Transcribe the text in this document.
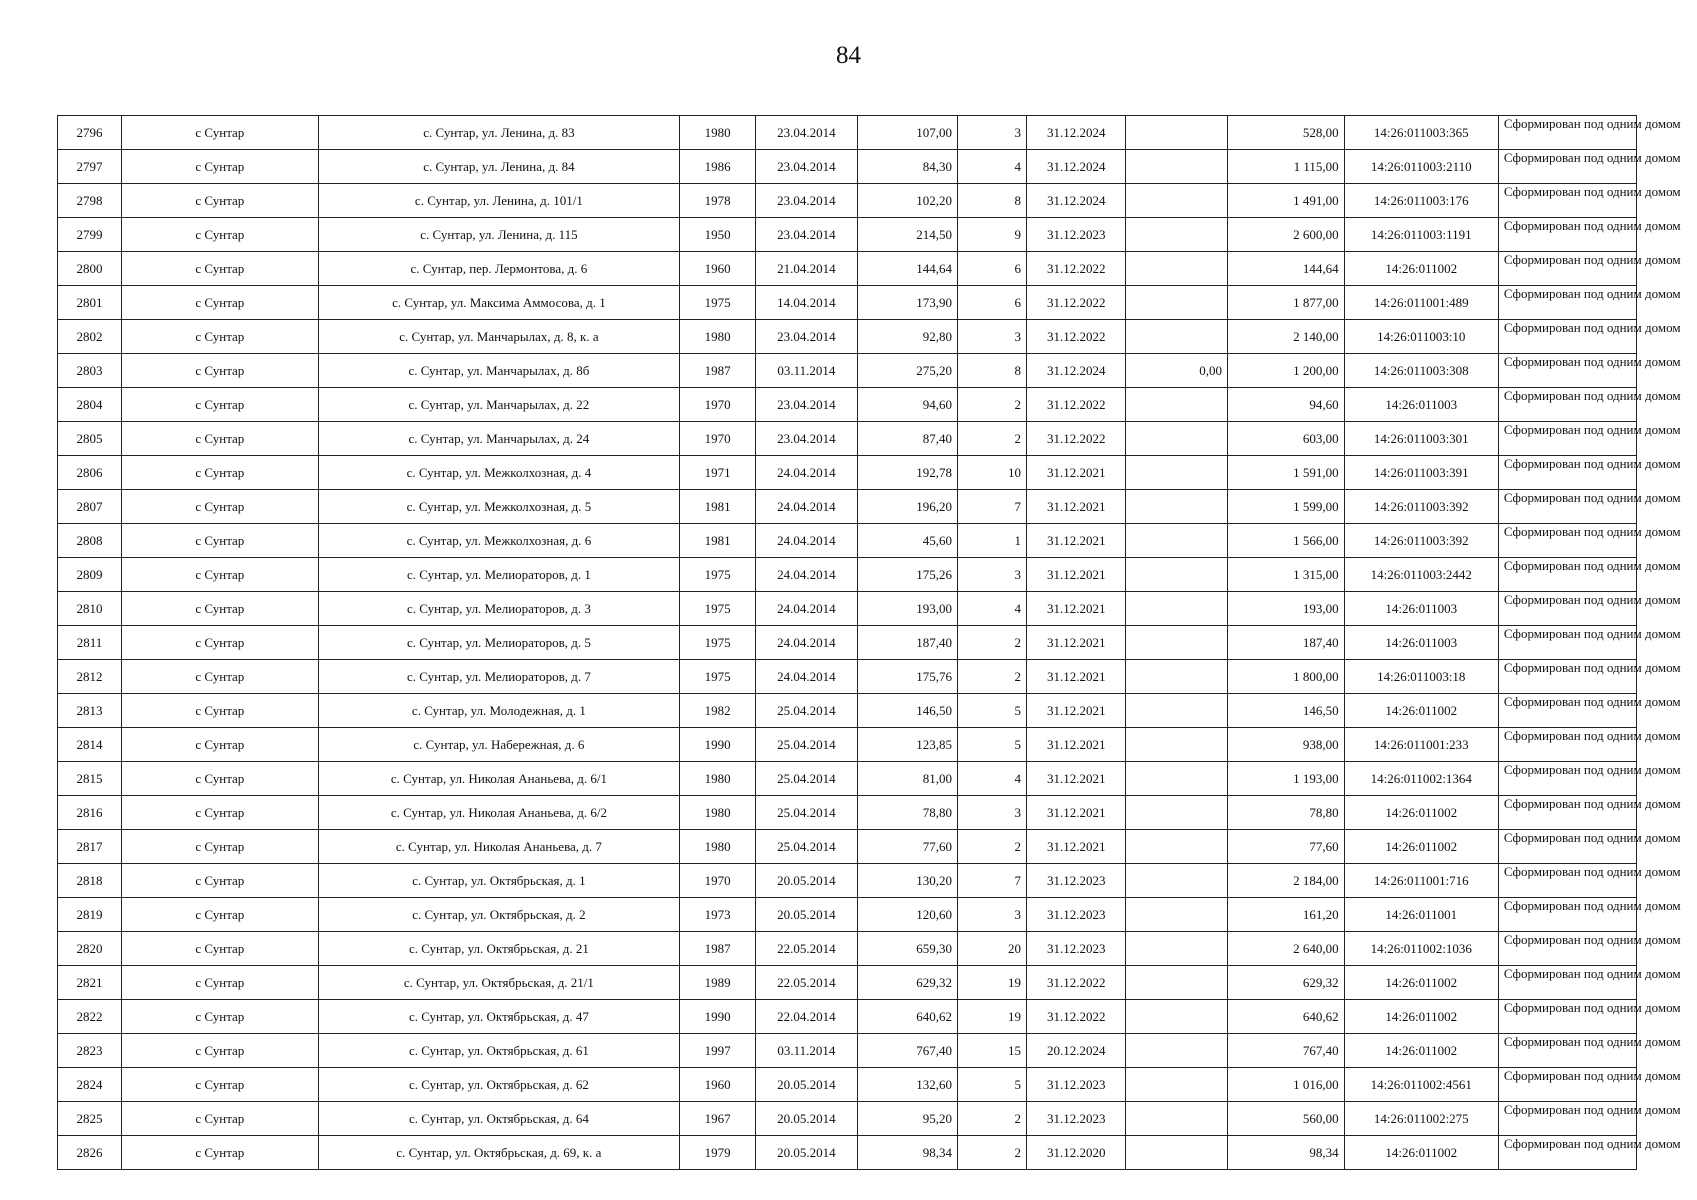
84
2796	с Сунтар	с. Сунтар, ул. Ленина, д. 83	1980	23.04.2014	107,00	3	31.12.2024		528,00	14:26:011003:365	Сформирован под одним домом

2797	с Сунтар	с. Сунтар, ул. Ленина, д. 84	1986	23.04.2014	84,30	4	31.12.2024		1 115,00	14:26:011003:2110	Сформирован под одним домом

2798	с Сунтар	с. Сунтар, ул. Ленина, д. 101/1	1978	23.04.2014	102,20	8	31.12.2024		1 491,00	14:26:011003:176	Сформирован под одним домом

2799	с Сунтар	с. Сунтар, ул. Ленина, д. 115	1950	23.04.2014	214,50	9	31.12.2023		2 600,00	14:26:011003:1191	Сформирован под одним домом

2800	с Сунтар	с. Сунтар, пер. Лермонтова, д. 6	1960	21.04.2014	144,64	6	31.12.2022		144,64	14:26:011002	Сформирован под одним домом

2801	с Сунтар	с. Сунтар, ул. Максима Аммосова, д. 1	1975	14.04.2014	173,90	6	31.12.2022		1 877,00	14:26:011001:489	Сформирован под одним домом

2802	с Сунтар	с. Сунтар, ул. Манчарылах, д. 8, к. а	1980	23.04.2014	92,80	3	31.12.2022		2 140,00	14:26:011003:10	Сформирован под одним домом

2803	с Сунтар	с. Сунтар, ул. Манчарылах, д. 8б	1987	03.11.2014	275,20	8	31.12.2024	0,00	1 200,00	14:26:011003:308	Сформирован под одним домом

2804	с Сунтар	с. Сунтар, ул. Манчарылах, д. 22	1970	23.04.2014	94,60	2	31.12.2022		94,60	14:26:011003	Сформирован под одним домом

2805	с Сунтар	с. Сунтар, ул. Манчарылах, д. 24	1970	23.04.2014	87,40	2	31.12.2022		603,00	14:26:011003:301	Сформирован под одним домом

2806	с Сунтар	с. Сунтар, ул. Межколхозная, д. 4	1971	24.04.2014	192,78	10	31.12.2021		1 591,00	14:26:011003:391	Сформирован под одним домом

2807	с Сунтар	с. Сунтар, ул. Межколхозная, д. 5	1981	24.04.2014	196,20	7	31.12.2021		1 599,00	14:26:011003:392	Сформирован под одним домом

2808	с Сунтар	с. Сунтар, ул. Межколхозная, д. 6	1981	24.04.2014	45,60	1	31.12.2021		1 566,00	14:26:011003:392	Сформирован под одним домом

2809	с Сунтар	с. Сунтар, ул. Мелиораторов, д. 1	1975	24.04.2014	175,26	3	31.12.2021		1 315,00	14:26:011003:2442	Сформирован под одним домом

2810	с Сунтар	с. Сунтар, ул. Мелиораторов, д. 3	1975	24.04.2014	193,00	4	31.12.2021		193,00	14:26:011003	Сформирован под одним домом

2811	с Сунтар	с. Сунтар, ул. Мелиораторов, д. 5	1975	24.04.2014	187,40	2	31.12.2021		187,40	14:26:011003	Сформирован под одним домом

2812	с Сунтар	с. Сунтар, ул. Мелиораторов, д. 7	1975	24.04.2014	175,76	2	31.12.2021		1 800,00	14:26:011003:18	Сформирован под одним домом

2813	с Сунтар	с. Сунтар, ул. Молодежная, д. 1	1982	25.04.2014	146,50	5	31.12.2021		146,50	14:26:011002	Сформирован под одним домом

2814	с Сунтар	с. Сунтар, ул. Набережная, д. 6	1990	25.04.2014	123,85	5	31.12.2021		938,00	14:26:011001:233	Сформирован под одним домом

2815	с Сунтар	с. Сунтар, ул. Николая Ананьева, д. 6/1	1980	25.04.2014	81,00	4	31.12.2021		1 193,00	14:26:011002:1364	Сформирован под одним домом

2816	с Сунтар	с. Сунтар, ул. Николая Ананьева, д. 6/2	1980	25.04.2014	78,80	3	31.12.2021		78,80	14:26:011002	Сформирован под одним домом

2817	с Сунтар	с. Сунтар, ул. Николая Ананьева, д. 7	1980	25.04.2014	77,60	2	31.12.2021		77,60	14:26:011002	Сформирован под одним домом

2818	с Сунтар	с. Сунтар, ул. Октябрьская, д. 1	1970	20.05.2014	130,20	7	31.12.2023		2 184,00	14:26:011001:716	Сформирован под одним домом

2819	с Сунтар	с. Сунтар, ул. Октябрьская, д. 2	1973	20.05.2014	120,60	3	31.12.2023		161,20	14:26:011001	Сформирован под одним домом

2820	с Сунтар	с. Сунтар, ул. Октябрьская, д. 21	1987	22.05.2014	659,30	20	31.12.2023		2 640,00	14:26:011002:1036	Сформирован под одним домом

2821	с Сунтар	с. Сунтар, ул. Октябрьская, д. 21/1	1989	22.05.2014	629,32	19	31.12.2022		629,32	14:26:011002	Сформирован под одним домом

2822	с Сунтар	с. Сунтар, ул. Октябрьская, д. 47	1990	22.04.2014	640,62	19	31.12.2022		640,62	14:26:011002	Сформирован под одним домом

2823	с Сунтар	с. Сунтар, ул. Октябрьская, д. 61	1997	03.11.2014	767,40	15	20.12.2024		767,40	14:26:011002	Сформирован под одним домом

2824	с Сунтар	с. Сунтар, ул. Октябрьская, д. 62	1960	20.05.2014	132,60	5	31.12.2023		1 016,00	14:26:011002:4561	Сформирован под одним домом

2825	с Сунтар	с. Сунтар, ул. Октябрьская, д. 64	1967	20.05.2014	95,20	2	31.12.2023		560,00	14:26:011002:275	Сформирован под одним домом

2826	с Сунтар	с. Сунтар, ул. Октябрьская, д. 69, к. а	1979	20.05.2014	98,34	2	31.12.2020		98,34	14:26:011002	Сформирован под одним домом
